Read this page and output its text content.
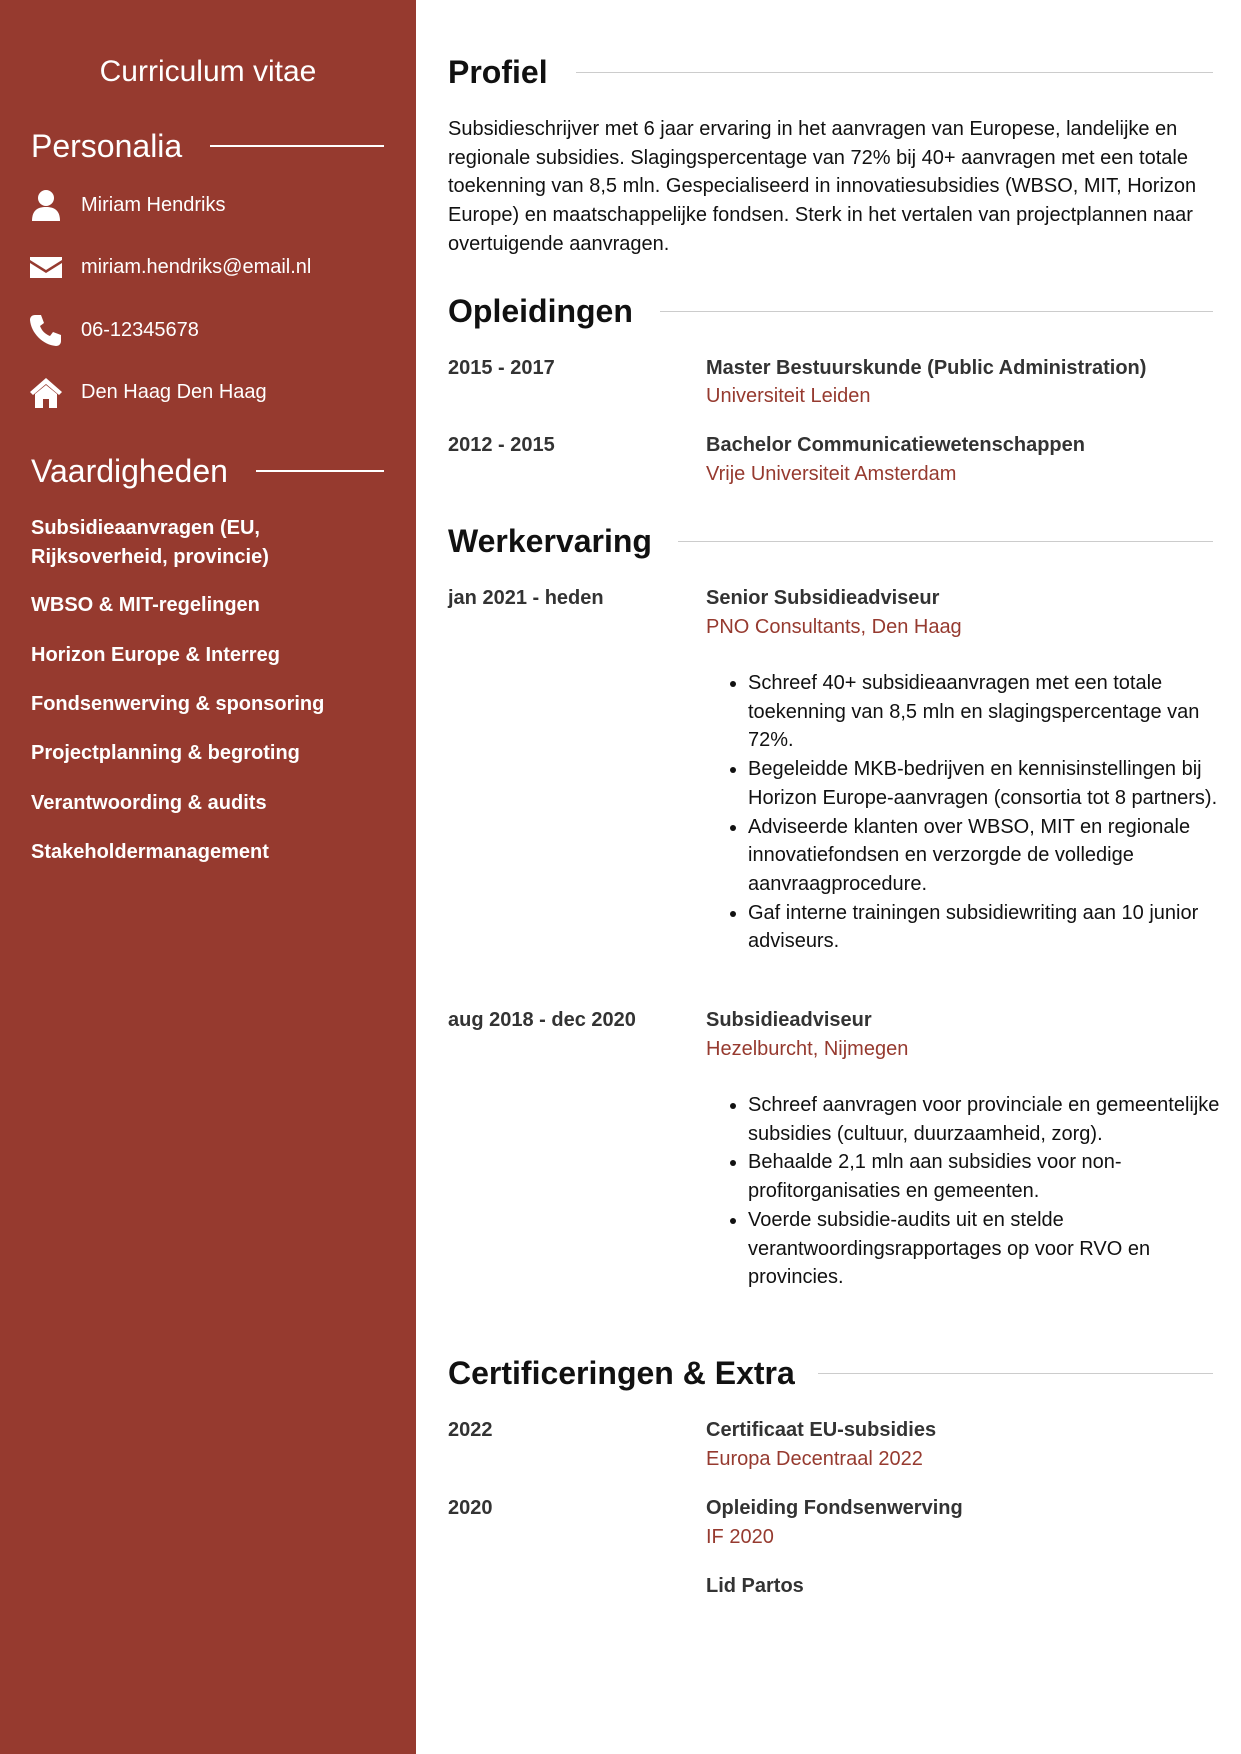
Curriculum vitae
Personalia
Miriam Hendriks
miriam.hendriks@email.nl
06-12345678
Den Haag Den Haag
Vaardigheden
Subsidieaanvragen (EU, Rijksoverheid, provincie)
WBSO & MIT-regelingen
Horizon Europe & Interreg
Fondsenwerving & sponsoring
Projectplanning & begroting
Verantwoording & audits
Stakeholdermanagement
Profiel
Subsidieschrijver met 6 jaar ervaring in het aanvragen van Europese, landelijke en regionale subsidies. Slagingspercentage van 72% bij 40+ aanvragen met een totale toekenning van 8,5 mln. Gespecialiseerd in innovatiesubsidies (WBSO, MIT, Horizon Europe) en maatschappelijke fondsen. Sterk in het vertalen van projectplannen naar overtuigende aanvragen.
Opleidingen
2015 - 2017	Master Bestuurskunde (Public Administration)
Universiteit Leiden
2012 - 2015	Bachelor Communicatiewetenschappen
Vrije Universiteit Amsterdam
Werkervaring
jan 2021 - heden	Senior Subsidieadviseur
PNO Consultants, Den Haag
• Schreef 40+ subsidieaanvragen met een totale toekenning van 8,5 mln en slagingspercentage van 72%.
• Begeleidde MKB-bedrijven en kennisinstellingen bij Horizon Europe-aanvragen (consortia tot 8 partners).
• Adviseerde klanten over WBSO, MIT en regionale innovatiefondsen en verzorgde de volledige aanvraagprocedure.
• Gaf interne trainingen subsidiewriting aan 10 junior adviseurs.
aug 2018 - dec 2020	Subsidieadviseur
Hezelburcht, Nijmegen
• Schreef aanvragen voor provinciale en gemeentelijke subsidies (cultuur, duurzaamheid, zorg).
• Behaalde 2,1 mln aan subsidies voor non-profitorganisaties en gemeenten.
• Voerde subsidie-audits uit en stelde verantwoordingsrapportages op voor RVO en provincies.
Certificeringen & Extra
2022	Certificaat EU-subsidies
Europa Decentraal 2022
2020	Opleiding Fondsenwerving
IF 2020
Lid Partos
